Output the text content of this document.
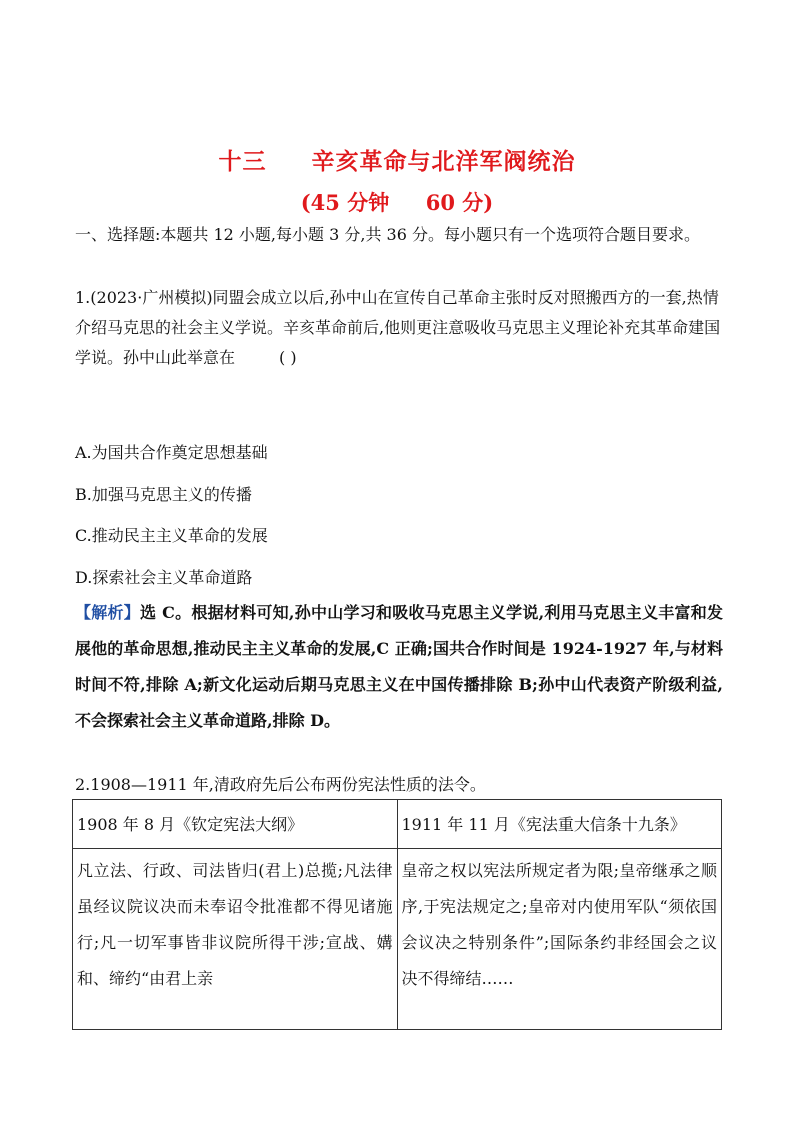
十三     辛亥革命与北洋军阀统治
(45 分钟     60 分)
一、选择题:本题共 12 小题,每小题 3 分,共 36 分。每小题只有一个选项符合题目要求。
1.(2023·广州模拟)同盟会成立以后,孙中山在宣传自己革命主张时反对照搬西方的一套,热情介绍马克思的社会主义学说。辛亥革命前后,他则更注意吸收马克思主义理论补充其革命建国学说。孙中山此举意在	( )
A.为国共合作奠定思想基础
B.加强马克思主义的传播
C.推动民主主义革命的发展
D.探索社会主义革命道路
【解析】选 C。根据材料可知,孙中山学习和吸收马克思主义学说,利用马克思主义丰富和发展他的革命思想,推动民主主义革命的发展,C 正确;国共合作时间是 1924-1927 年,与材料时间不符,排除 A;新文化运动后期马克思主义在中国传播排除 B;孙中山代表资产阶级利益,不会探索社会主义革命道路,排除 D。
2.1908—1911 年,清政府先后公布两份宪法性质的法令。
1908 年 8 月《钦定宪法大纲》	1911 年 11 月《宪法重大信条十九条》
凡立法、行政、司法皆归(君上)总揽;凡法律虽经议院议决而未奉诏令批准都不得见诸施行;凡一切军事皆非议院所得干涉;宣战、媾和、缔约“由君上亲	皇帝之权以宪法所规定者为限;皇帝继承之顺序,于宪法规定之;皇帝对内使用军队“须依国会议决之特别条件”;国际条约非经国会之议决不得缔结……
